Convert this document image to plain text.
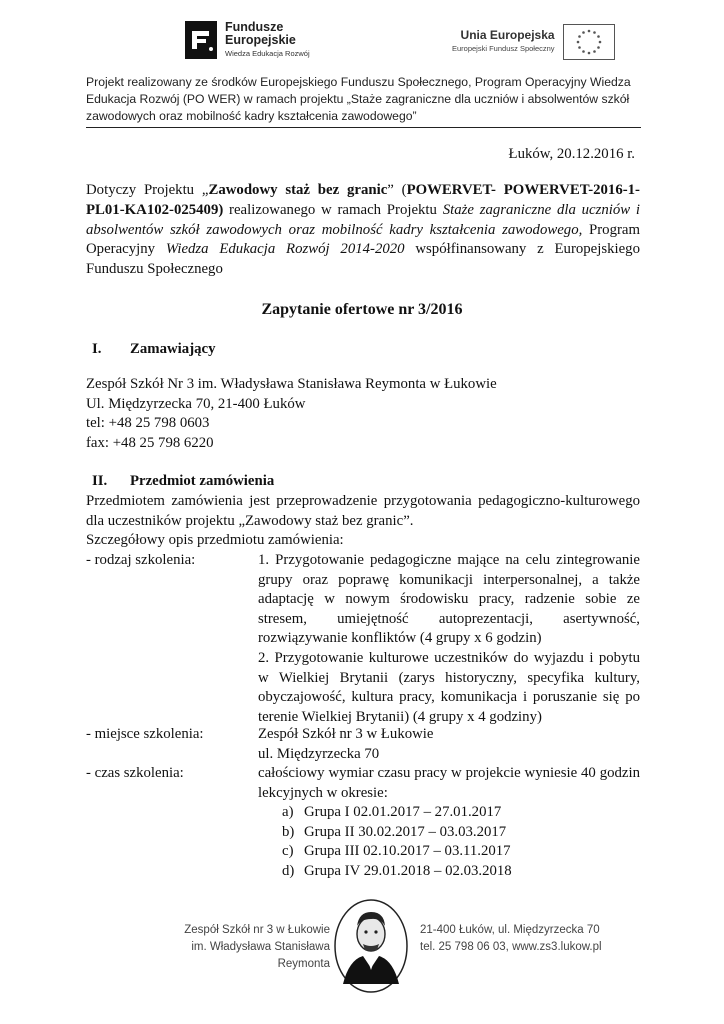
Fundusze
Europejskie
Wiedza Edukacja Rozwój
Unia Europejska
Europejski Fundusz Społeczny
Projekt realizowany ze środków Europejskiego Funduszu Społecznego, Program Operacyjny Wiedza Edukacja Rozwój (PO WER) w ramach projektu „Staże zagraniczne dla uczniów i absolwentów szkół zawodowych oraz mobilność kadry kształcenia zawodowego”
Łuków, 20.12.2016 r.
Dotyczy Projektu „Zawodowy staż bez granic” (POWERVET- POWERVET-2016-1-PL01-KA102-025409) realizowanego w ramach Projektu Staże zagraniczne dla uczniów i absolwentów szkół zawodowych oraz mobilność kadry kształcenia zawodowego, Program Operacyjny Wiedza Edukacja Rozwój 2014-2020 współfinansowany z Europejskiego Funduszu Społecznego
Zapytanie ofertowe nr 3/2016
I. Zamawiający
Zespół Szkół Nr 3 im. Władysława Stanisława Reymonta w Łukowie
Ul. Międzyrzecka 70, 21-400 Łuków
tel: +48 25 798 0603
fax: +48 25 798 6220
II. Przedmiot zamówienia
Przedmiotem zamówienia jest przeprowadzenie przygotowania pedagogiczno-kulturowego dla uczestników projektu „Zawodowy staż bez granic”.
Szczegółowy opis przedmiotu zamówienia:
- rodzaj szkolenia:	1. Przygotowanie pedagogiczne mające na celu zintegrowanie grupy oraz poprawę komunikacji interpersonalnej, a także adaptację w nowym środowisku pracy, radzenie sobie ze stresem, umiejętność autoprezentacji, asertywność, rozwiązywanie konfliktów (4 grupy x 6 godzin)

2. Przygotowanie kulturowe uczestników do wyjazdu i pobytu w Wielkiej Brytanii (zarys historyczny, specyfika kultury, obyczajowość, kultura pracy, komunikacja i poruszanie się po terenie Wielkiej Brytanii) (4 grupy x 4 godziny)

- miejsce szkolenia:	Zespół Szkół nr 3 w Łukowie

ul. Międzyrzecka 70

- czas szkolenia:	całościowy wymiar czasu pracy w projekcie wyniesie 40 godzin lekcyjnych w okresie:

a) Grupa I 02.01.2017 – 27.01.2017
b) Grupa II 30.02.2017 – 03.03.2017
c) Grupa III 02.10.2017 – 03.11.2017
d) Grupa IV 29.01.2018 – 02.03.2018
Zespół Szkół nr 3 w Łukowie
im. Władysława Stanisława Reymonta
21-400 Łuków, ul. Międzyrzecka 70
tel. 25 798 06 03, www.zs3.lukow.pl
